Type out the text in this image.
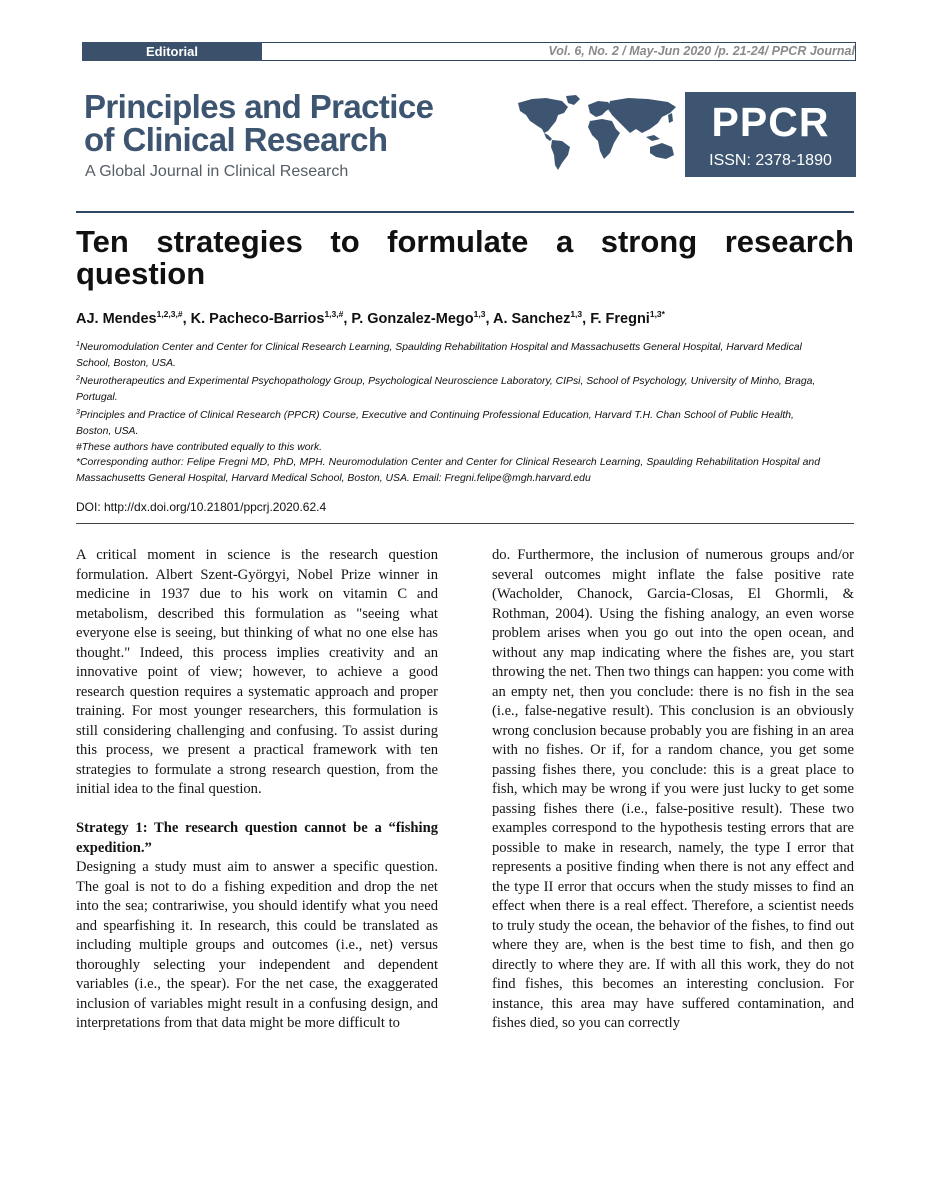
Editorial	Vol. 6, No. 2 / May-Jun 2020 /p. 21-24/ PPCR Journal
Principles and Practice
of Clinical Research
A Global Journal in Clinical Research
PPCR
ISSN: 2378-1890
Ten strategies to formulate a strong research question
AJ. Mendes$^{1,2,3,\#}$, K. Pacheco-Barrios$^{1,3,\#}$, P. Gonzalez-Mego$^{1,3}$, A. Sanchez$^{1,3}$, F. Fregni$^{1,3*}$
$^1$Neuromodulation Center and Center for Clinical Research Learning, Spaulding Rehabilitation Hospital and Massachusetts General Hospital, Harvard Medical School, Boston, USA.
$^2$Neurotherapeutics and Experimental Psychopathology Group, Psychological Neuroscience Laboratory, CIPsi, School of Psychology, University of Minho, Braga, Portugal.
$^3$Principles and Practice of Clinical Research (PPCR) Course, Executive and Continuing Professional Education, Harvard T.H. Chan School of Public Health, Boston, USA.
#These authors have contributed equally to this work.
*Corresponding author: Felipe Fregni MD, PhD, MPH. Neuromodulation Center and Center for Clinical Research Learning, Spaulding Rehabilitation Hospital and Massachusetts General Hospital, Harvard Medical School, Boston, USA. Email: Fregni.felipe@mgh.harvard.edu
DOI: http://dx.doi.org/10.21801/ppcrj.2020.62.4

A critical moment in science is the research question formulation. Albert Szent-Györgyi, Nobel Prize winner in medicine in 1937 due to his work on vitamin C and metabolism, described this formulation as "seeing what everyone else is seeing, but thinking of what no one else has thought." Indeed, this process implies creativity and an innovative point of view; however, to achieve a good research question requires a systematic approach and proper training. For most younger researchers, this formulation is still considering challenging and confusing. To assist during this process, we present a practical framework with ten strategies to formulate a strong research question, from the initial idea to the final question.

Strategy 1: The research question cannot be a “fishing expedition.”

Designing a study must aim to answer a specific question. The goal is not to do a fishing expedition and drop the net into the sea; contrariwise, you should identify what you need and spearfishing it. In research, this could be translated as including multiple groups and outcomes (i.e., net) versus thoroughly selecting your independent and dependent variables (i.e., the spear). For the net case, the exaggerated inclusion of variables might result in a confusing design, and interpretations from that data might be more difficult to

do. Furthermore, the inclusion of numerous groups and/or several outcomes might inflate the false positive rate (Wacholder, Chanock, Garcia-Closas, El Ghormli, & Rothman, 2004). Using the fishing analogy, an even worse problem arises when you go out into the open ocean, and without any map indicating where the fishes are, you start throwing the net. Then two things can happen: you come with an empty net, then you conclude: there is no fish in the sea (i.e., false-negative result). This conclusion is an obviously wrong conclusion because probably you are fishing in an area with no fishes. Or if, for a random chance, you get some passing fishes there, you conclude: this is a great place to fish, which may be wrong if you were just lucky to get some passing fishes there (i.e., false-positive result). These two examples correspond to the hypothesis testing errors that are possible to make in research, namely, the type I error that represents a positive finding when there is not any effect and the type II error that occurs when the study misses to find an effect when there is a real effect. Therefore, a scientist needs to truly study the ocean, the behavior of the fishes, to find out where they are, when is the best time to fish, and then go directly to where they are. If with all this work, they do not find fishes, this becomes an interesting conclusion. For instance, this area may have suffered contamination, and fishes died, so you can correctly
